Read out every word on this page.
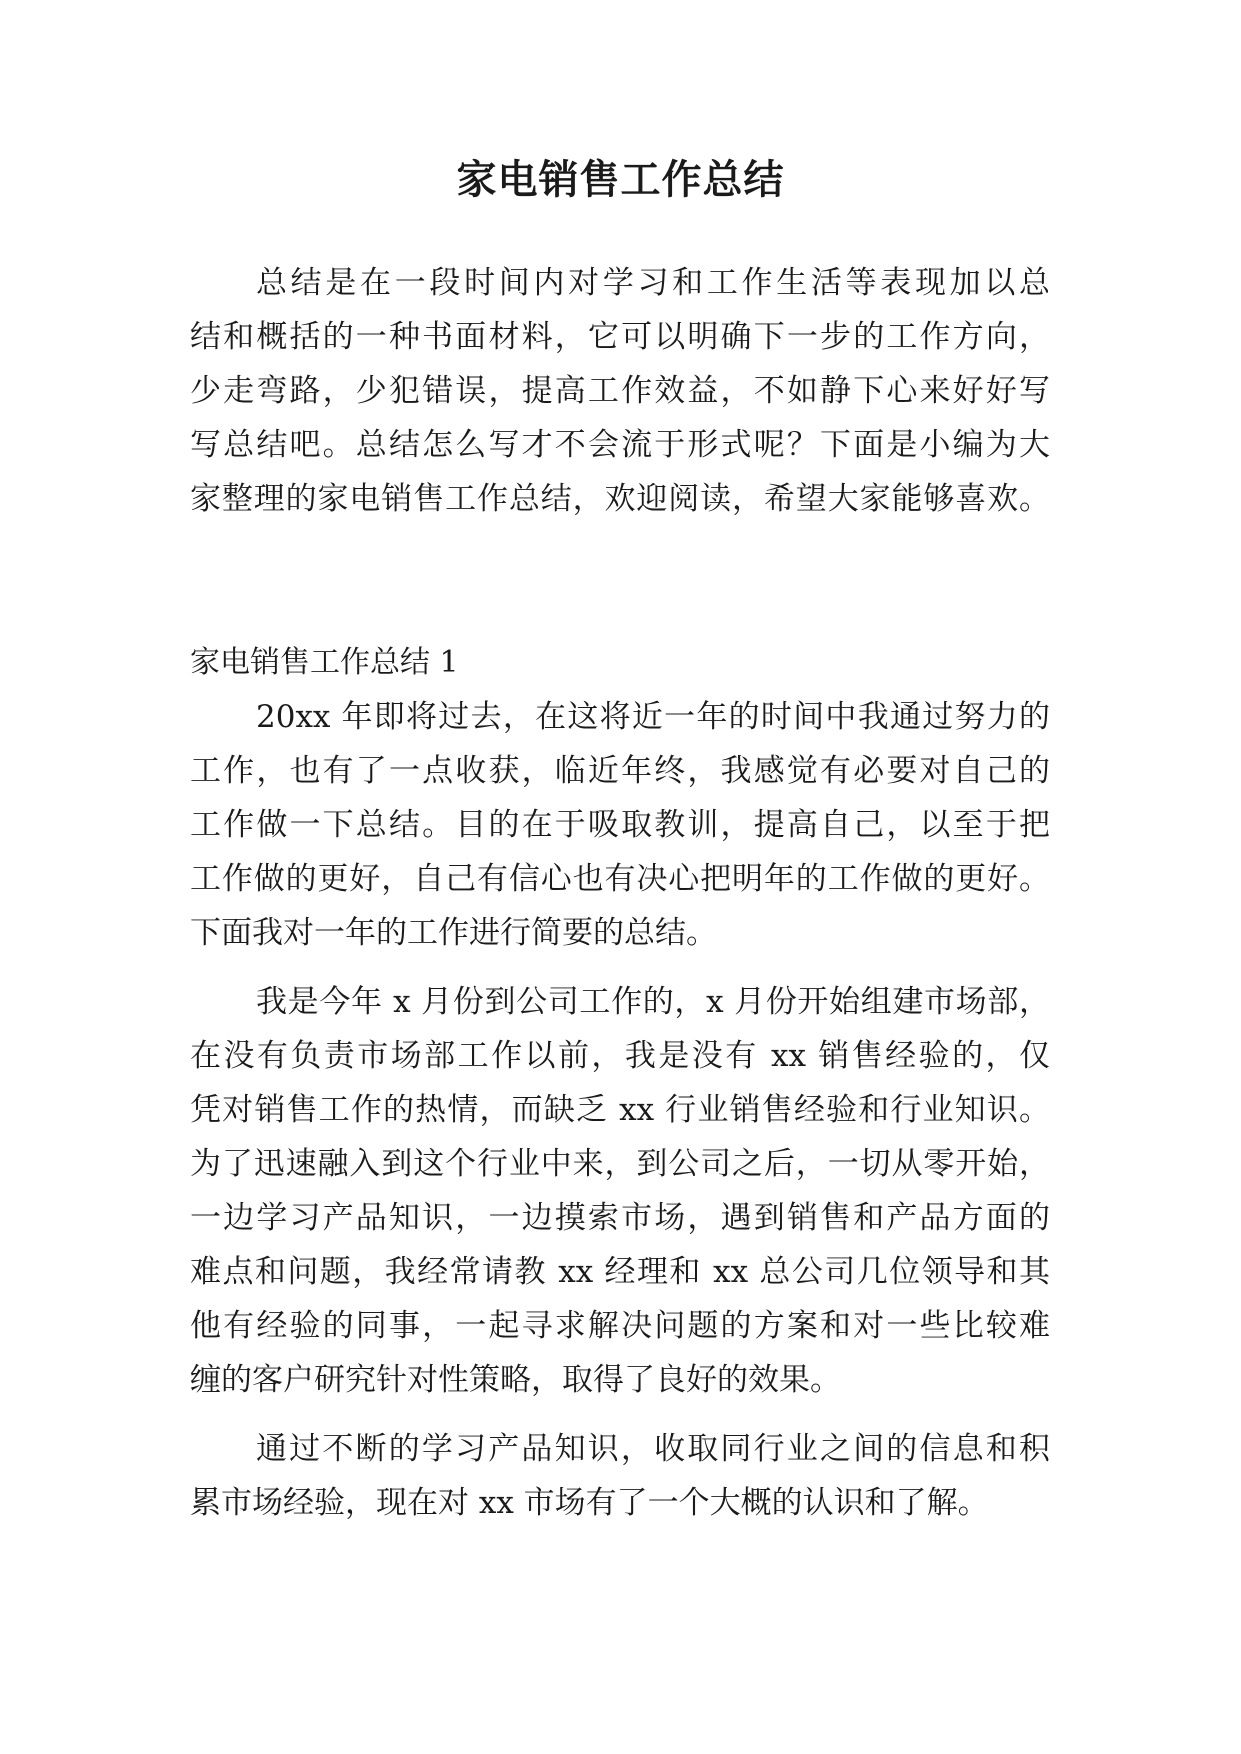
家电销售工作总结
总结是在一段时间内对学习和工作生活等表现加以总
结和概括的一种书面材料，它可以明确下一步的工作方向，
少走弯路，少犯错误，提高工作效益，不如静下心来好好写
写总结吧。总结怎么写才不会流于形式呢？下面是小编为大
家整理的家电销售工作总结，欢迎阅读，希望大家能够喜欢。
家电销售工作总结 1
20xx 年即将过去，在这将近一年的时间中我通过努力的
工作，也有了一点收获，临近年终，我感觉有必要对自己的
工作做一下总结。目的在于吸取教训，提高自己，以至于把
工作做的更好，自己有信心也有决心把明年的工作做的更好。
下面我对一年的工作进行简要的总结。
我是今年 x 月份到公司工作的，x 月份开始组建市场部，
在没有负责市场部工作以前，我是没有 xx 销售经验的，仅
凭对销售工作的热情，而缺乏 xx 行业销售经验和行业知识。
为了迅速融入到这个行业中来，到公司之后，一切从零开始，
一边学习产品知识，一边摸索市场，遇到销售和产品方面的
难点和问题，我经常请教 xx 经理和 xx 总公司几位领导和其
他有经验的同事，一起寻求解决问题的方案和对一些比较难
缠的客户研究针对性策略，取得了良好的效果。
通过不断的学习产品知识，收取同行业之间的信息和积
累市场经验，现在对 xx 市场有了一个大概的认识和了解。
